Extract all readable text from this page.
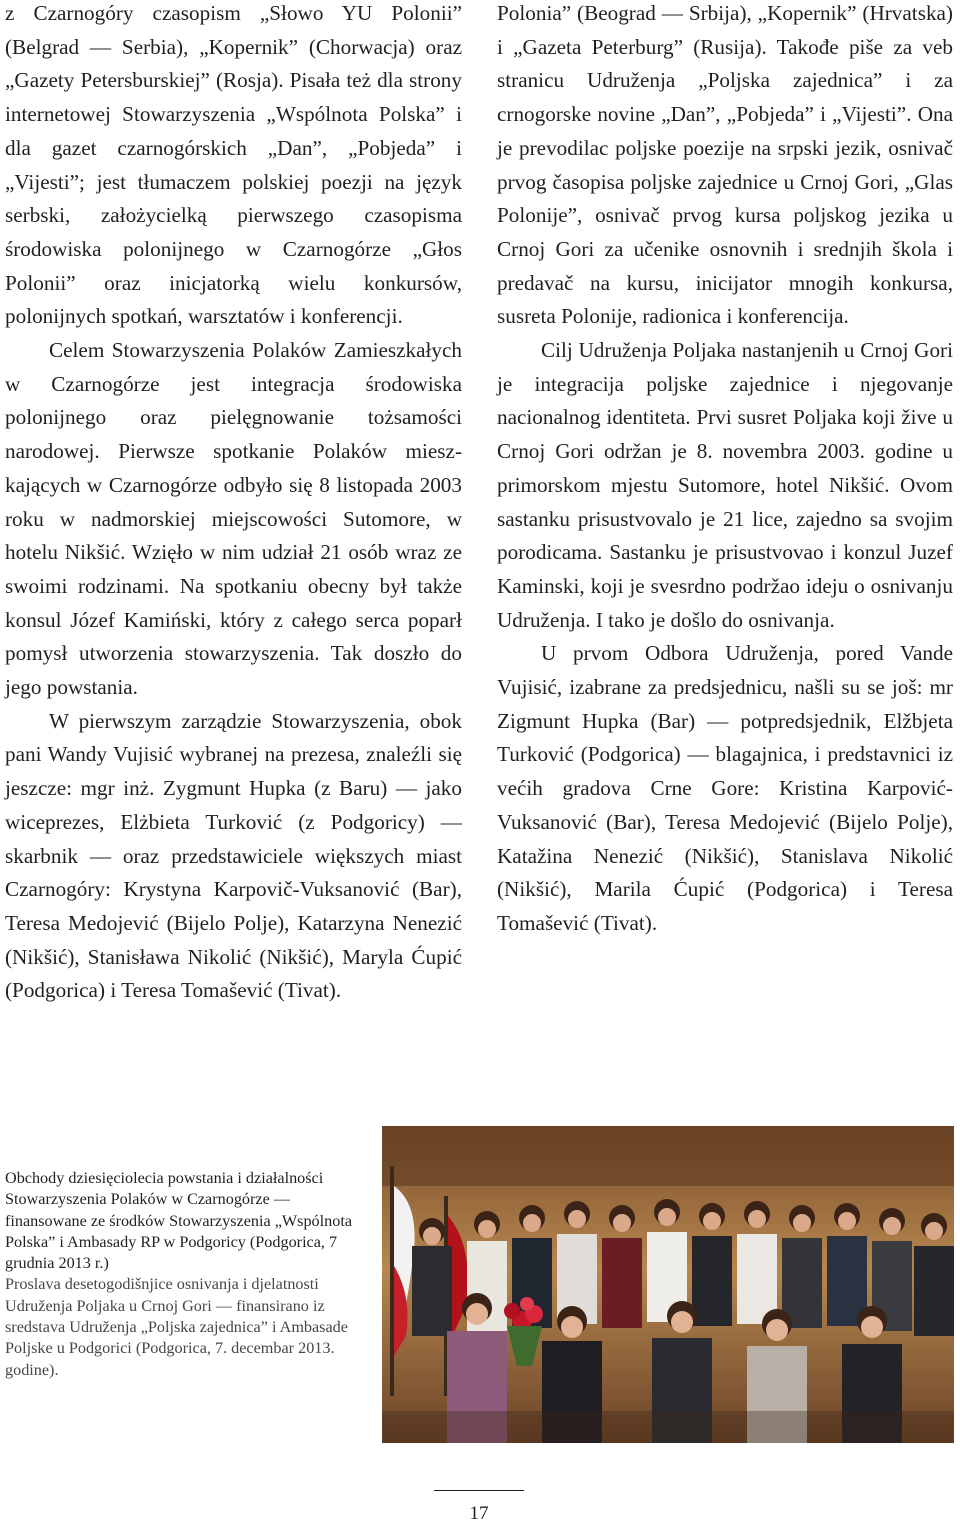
z Czarnogóry czasopism „Słowo YU Polonii” (Belgrad — Serbia), „Kopernik” (Chorwacja) oraz „Gazety Petersburskiej” (Rosja). Pisała też dla strony internetowej Stowarzyszenia „Wspólnota Polska” i dla gazet czarnogórskich „Dan”, „Pobjeda” i „Vijesti”; jest tłumaczem polskiej poezji na język serbski, założycielką pierwszego czasopisma środowiska polonijnego w Czarnogórze „Głos Polonii” oraz inicjatorką wielu konkursów, polonijnych spotkań, warsztatów i konferencji.

Celem Stowarzyszenia Polaków Zamieszkałych w Czarnogórze jest integracja środowiska polonijnego oraz pielęgnowanie tożsamości narodowej. Pierwsze spotkanie Polaków mieszkających w Czarnogórze odbyło się 8 listopada 2003 roku w nadmorskiej miejscowości Sutomore, w hotelu Nikšić. Wzięło w nim udział 21 osób wraz ze swoimi rodzinami. Na spotkaniu obecny był także konsul Józef Kamiński, który z całego serca poparł pomysł utworzenia stowarzyszenia. Tak doszło do jego powstania.

W pierwszym zarządzie Stowarzyszenia, obok pani Wandy Vujisić wybranej na prezesa, znaleźli się jeszcze: mgr inż. Zygmunt Hupka (z Baru) — jako wiceprezes, Elżbieta Turković (z Podgoricy) — skarbnik — oraz przedstawiciele większych miast Czarnogóry: Krystyna Karpovič-Vuksanović (Bar), Teresa Medojević (Bijelo Polje), Katarzyna Nenezić (Nikšić), Stanisława Nikolić (Nikšić), Maryla Ćupić (Podgorica) i Teresa Tomašević (Tivat).

Polonia” (Beograd — Srbija), „Kopernik” (Hrvatska) i „Gazeta Peterburg” (Rusija). Takođe piše za veb stranicu Udruženja „Poljska zajednica” i za crnogorske novine „Dan”, „Pobjeda” i „Vijesti”. Ona je prevodilac poljske poezije na srpski jezik, osnivač prvog časopisa poljske zajednice u Crnoj Gori, „Glas Polonije”, osnivač prvog kursa poljskog jezika u Crnoj Gori za učenike osnovnih i srednjih škola i predavač na kursu, inicijator mnogih konkursa, susreta Polonije, radionica i konferencija.

Cilj Udruženja Poljaka nastanjenih u Crnoj Gori je integracija poljske zajednice i njegovanje nacionalnog identiteta. Prvi susret Poljaka koji žive u Crnoj Gori održan je 8. novembra 2003. godine u primorskom mjestu Sutomore, hotel Nikšić. Ovom sastanku prisustvovalo je 21 lice, zajedno sa svojim porodicama. Sastanku je prisustvovao i konzul Juzef Kaminski, koji je svesrdno podržao ideju o osnivanju Udruženja. I tako je došlo do osnivanja.

U prvom Odbora Udruženja, pored Vande Vujisić, izabrane za predsjednicu, našli su se još: mr Zigmunt Hupka (Bar) — potpredsjednik, Elžbjeta Turković (Podgorica) — blagajnica, i predstavnici iz većih gradova Crne Gore: Kristina Karpović-Vuksanović (Bar), Teresa Medojević (Bijelo Polje), Katažina Nenezić (Nikšić), Stanislava Nikolić (Nikšić), Marila Ćupić (Podgorica) i Teresa Tomašević (Tivat).

Obchody dziesięciolecia powstania i działalności Stowarzyszenia Polaków w Czarnogórze — finansowane ze środków Stowarzyszenia „Wspólnota Polska” i Ambasady RP w Podgoricy (Podgorica, 7 grudnia 2013 r.)

Proslava desetogodišnjice osnivanja i djelatnosti Udruženja Poljaka u Crnoj Gori — finansirano iz sredstava Udruženja „Poljska zajednica” i Ambasade Poljske u Podgorici (Podgorica, 7. decembar 2013. godine).

17
